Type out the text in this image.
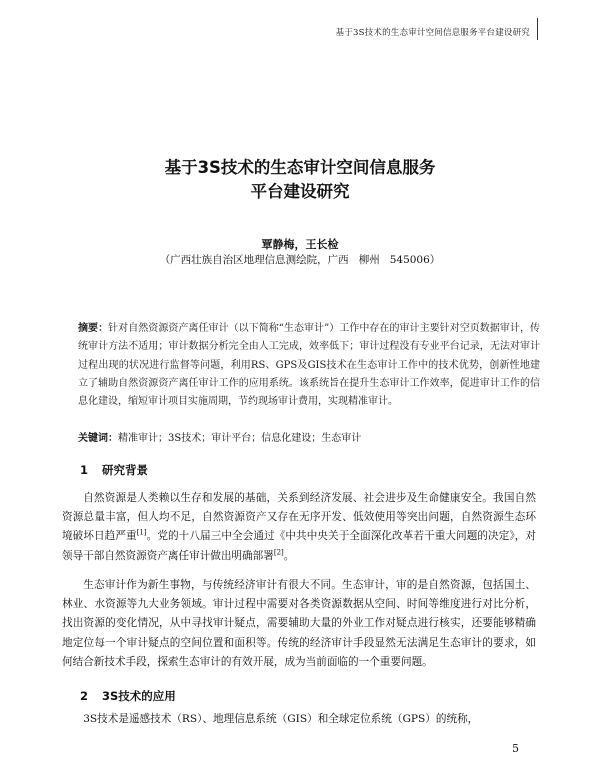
基于3S技术的生态审计空间信息服务平台建设研究
基于3S技术的生态审计空间信息服务
平台建设研究
覃静梅，王长检
（广西壮族自治区地理信息测绘院，广西   柳州   545006）
摘要：针对自然资源资产离任审计（以下简称“生态审计”）工作中存在的审计主要针对空页数据审计，传统审计方法不适用；审计数据分析完全由人工完成，效率低下；审计过程没有专业平台记录，无法对审计过程出现的状况进行监督等问题，利用RS、GPS及GIS技术在生态审计工作中的技术优势，创新性地建立了辅助自然资源资产离任审计工作的应用系统。该系统旨在提升生态审计工作效率，促进审计工作的信息化建设，缩短审计项目实施周期，节约现场审计费用，实现精准审计。
关键词：精准审计；3S技术；审计平台；信息化建设；生态审计
1 研究背景
自然资源是人类赖以生存和发展的基础，关系到经济发展、社会进步及生命健康安全。我国自然资源总量丰富，但人均不足，自然资源资产又存在无序开发、低效使用等突出问题，自然资源生态环境破坏日趋严重[1]。党的十八届三中全会通过《中共中央关于全面深化改革若干重大问题的决定》，对领导干部自然资源资产离任审计做出明确部署[2]。
生态审计作为新生事物，与传统经济审计有很大不同。生态审计，审的是自然资源，包括国土、林业、水资源等九大业务领域。审计过程中需要对各类资源数据从空间、时间等维度进行对比分析，找出资源的变化情况，从中寻找审计疑点，需要辅助大量的外业工作对疑点进行核实，还要能够精确地定位每一个审计疑点的空间位置和面积等。传统的经济审计手段显然无法满足生态审计的要求，如何结合新技术手段，探索生态审计的有效开展，成为当前面临的一个重要问题。
2 3S技术的应用
3S技术是遥感技术（RS）、地理信息系统（GIS）和全球定位系统（GPS）的统称，
5
